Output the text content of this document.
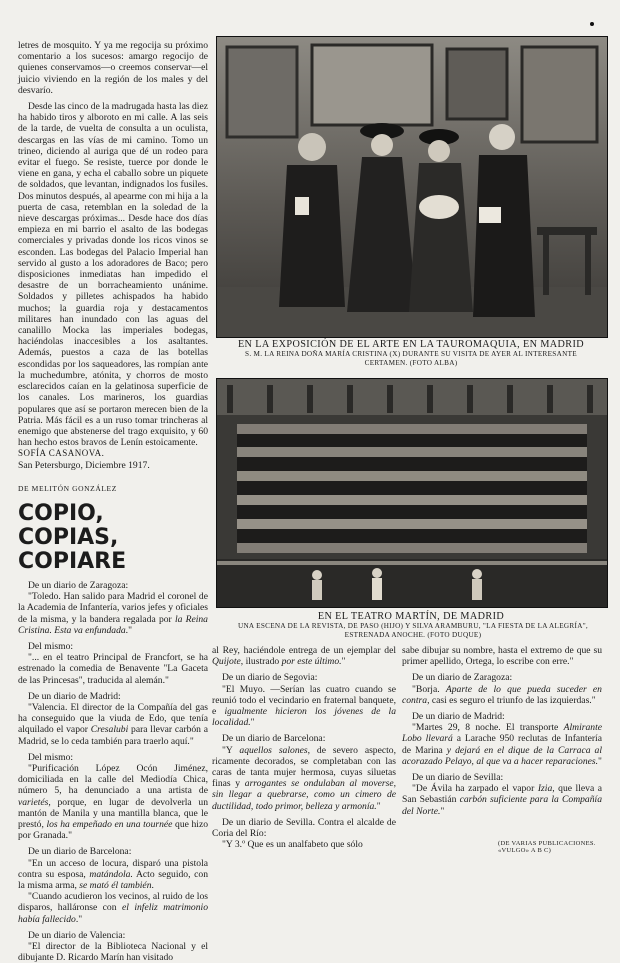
letres de mosquito. Y ya me regocija su próximo comentario a los sucesos: amargo regocijo de quienes conservamos—o creemos conservar—el juicio viviendo en la región de los males y del desvarío.

Desde las cinco de la madrugada hasta las diez ha habido tiros y alboroto en mi calle. A las seis de la tarde, de vuelta de consulta a un oculista, descargas en las vías de mi camino. Tomo un trineo, diciendo al auriga que dé un rodeo para evitar el fuego. Se resiste, tuerce por donde le viene en gana, y echa el caballo sobre un piquete de soldados, que levantan, indignados los fusiles. Dos minutos después, al apearme con mi hija a la puerta de casa, retemblan en la soledad de la nieve descargas próximas... Desde hace dos días empieza en mi barrio el asalto de las bodegas comerciales y privadas donde los ricos vinos se esconden. Las bodegas del Palacio Imperial han servido al gusto a los adoradores de Baco; pero disposiciones inmediatas han impedido el desastre de un borracheamiento unánime. Soldados y pilletes achispados ha habido muchos; la guardia roja y destacamentos militares han inundado con las aguas del canalillo Mocka las imperiales bodegas, haciéndolas inaccesibles a los asaltantes. Además, puestos a caza de las botellas escondidas por los saqueadores, las rompían ante la muchedumbre, atónita, y chorros de mosto esclarecidos caían en la gelatinosa superficie de los canales. Los marineros, los guardias populares que así se portaron merecen bien de la Patria. Más fácil es a un ruso tomar trincheras al enemigo que abstenerse del trago exquisito, y 60 han hecho estos bravos de Lenín estoicamente.

SOFÍA CASANOVA.

San Petersburgo, Diciembre 1917.

DE MELITÓN GONZÁLEZ

COPIO, COPIAS,

COPIARE

De un diario de Zaragoza:

"Toledo. Han salido para Madrid el coronel de la Academia de Infantería, varios jefes y oficiales de la misma, y la bandera regalada por la Reina Cristina. Esta va enfundada."

Del mismo:

"... en el teatro Principal de Francfort, se ha estrenado la comedia de Benavente "La Gaceta de las Princesas", traducida al alemán."

De un diario de Madrid:

"Valencia. El director de la Compañía del gas ha conseguido que la viuda de Edo, que tenía alquilado el vapor Cresalubi para llevar carbón a Madrid, se lo ceda también para traerlo aquí."

Del mismo:

"Purificación López Ocón Jiménez, domiciliada en la calle del Mediodía Chica, número 5, ha denunciado a una artista de varietés, porque, en lugar de devolverla un mantón de Manila y una mantilla blanca, que le prestó, los ha empeñado en una tournée que hizo por Granada."

De un diario de Barcelona:

"En un acceso de locura, disparó una pistola contra su esposa, matándola. Acto seguido, con la misma arma, se mató él también.

"Cuando acudieron los vecinos, al ruido de los disparos, halláronse con el infeliz matrimonio había fallecido."

De un diario de Valencia:

"El director de la Biblioteca Nacional y el dibujante D. Ricardo Marín han visitado

EN LA EXPOSICIÓN DE EL ARTE EN LA TAUROMAQUIA, EN MADRID
S. M. LA REINA DOÑA MARÍA CRISTINA (X) DURANTE SU VISITA DE AYER AL INTERESANTE CERTAMEN. (FOTO ALBA)
EN EL TEATRO MARTÍN, DE MADRID
UNA ESCENA DE LA REVISTA, DE PASO (HIJO) Y SILVA ARAMBURU, "LA FIESTA DE LA ALEGRÍA", ESTRENADA ANOCHE. (FOTO DUQUE)

al Rey, haciéndole entrega de un ejemplar del Quijote, ilustrado por este último."

De un diario de Segovia:

"El Muyo. —Serían las cuatro cuando se reunió todo el vecindario en fraternal banquete, e igualmente hicieron los jóvenes de la localidad."

De un diario de Barcelona:

"Y aquellos salones, de severo aspecto, ricamente decorados, se completaban con las caras de tanta mujer hermosa, cuyas siluetas finas y arrogantes se ondulaban al moverse, sin llegar a quebrarse, como un cimero de ductilidad, todo primor, belleza y armonía."

De un diario de Sevilla. Contra el alcalde de Coria del Río:

"Y 3.º Que es un analfabeto que sólo

sabe dibujar su nombre, hasta el extremo de que su primer apellido, Ortega, lo escribe con erre."

De un diario de Zaragoza:

"Borja. Aparte de lo que pueda suceder en contra, casi es seguro el triunfo de las izquierdas."

De un diario de Madrid:

"Martes 29, 8 noche. El transporte Almirante Lobo llevará a Larache 950 reclutas de Infantería de Marina y dejará en el dique de la Carraca al acorazado Pelayo, al que va a hacer reparaciones."

De un diario de Sevilla:

"De Ávila ha zarpado el vapor Izia, que lleva a San Sebastián carbón suficiente para la Compañía del Norte."

(DE VARIAS PUBLICACIONES. «VULGO» A B C)
